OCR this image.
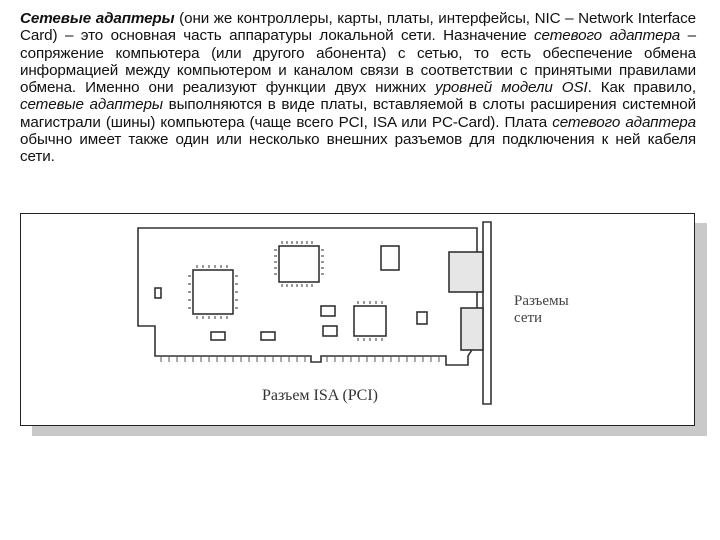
Сетевые адаптеры (они же контроллеры, карты, платы, интерфейсы, NIC – Network Interface Card) – это основная часть аппаратуры локальной сети. Назначение сетевого адаптера – сопряжение компьютера (или другого абонента) с сетью, то есть обеспечение обмена информацией между компьютером и каналом связи в соответствии с принятыми правилами обмена. Именно они реализуют функции двух нижних уровней модели OSI. Как правило, сетевые адаптеры выполняются в виде платы, вставляемой в слоты расширения системной магистрали (шины) компьютера (чаще всего PCI, ISA или PC-Card). Плата сетевого адаптера обычно имеет также один или несколько внешних разъемов для подключения к ней кабеля сети.
Разъемы
сети
Разъем ISA (PCI)
